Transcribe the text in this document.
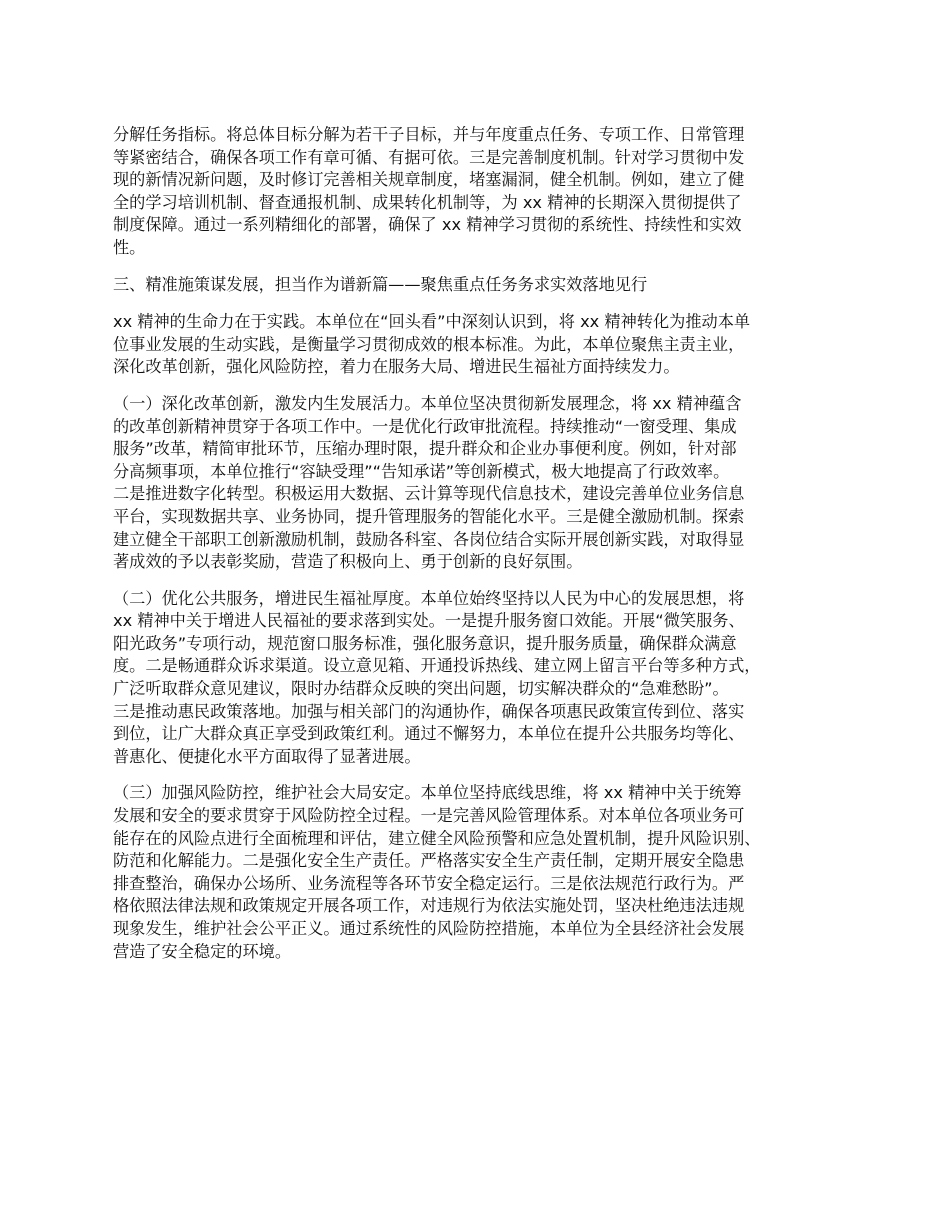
分解任务指标。将总体目标分解为若干子目标，并与年度重点任务、专项工作、日常管理
等紧密结合，确保各项工作有章可循、有据可依。三是完善制度机制。针对学习贯彻中发
现的新情况新问题，及时修订完善相关规章制度，堵塞漏洞，健全机制。例如，建立了健
全的学习培训机制、督查通报机制、成果转化机制等，为 xx 精神的长期深入贯彻提供了
制度保障。通过一系列精细化的部署，确保了 xx 精神学习贯彻的系统性、持续性和实效
性。
三、精准施策谋发展，担当作为谱新篇——聚焦重点任务务求实效落地见行
xx 精神的生命力在于实践。本单位在“回头看”中深刻认识到，将 xx 精神转化为推动本单
位事业发展的生动实践，是衡量学习贯彻成效的根本标准。为此，本单位聚焦主责主业，
深化改革创新，强化风险防控，着力在服务大局、增进民生福祉方面持续发力。
（一）深化改革创新，激发内生发展活力。本单位坚决贯彻新发展理念，将 xx 精神蕴含
的改革创新精神贯穿于各项工作中。一是优化行政审批流程。持续推动“一窗受理、集成
服务”改革，精简审批环节，压缩办理时限，提升群众和企业办事便利度。例如，针对部
分高频事项，本单位推行“容缺受理”“告知承诺”等创新模式，极大地提高了行政效率。
二是推进数字化转型。积极运用大数据、云计算等现代信息技术，建设完善单位业务信息
平台，实现数据共享、业务协同，提升管理服务的智能化水平。三是健全激励机制。探索
建立健全干部职工创新激励机制，鼓励各科室、各岗位结合实际开展创新实践，对取得显
著成效的予以表彰奖励，营造了积极向上、勇于创新的良好氛围。
（二）优化公共服务，增进民生福祉厚度。本单位始终坚持以人民为中心的发展思想，将
xx 精神中关于增进人民福祉的要求落到实处。一是提升服务窗口效能。开展“微笑服务、
阳光政务”专项行动，规范窗口服务标准，强化服务意识，提升服务质量，确保群众满意
度。二是畅通群众诉求渠道。设立意见箱、开通投诉热线、建立网上留言平台等多种方式，
广泛听取群众意见建议，限时办结群众反映的突出问题，切实解决群众的“急难愁盼”。
三是推动惠民政策落地。加强与相关部门的沟通协作，确保各项惠民政策宣传到位、落实
到位，让广大群众真正享受到政策红利。通过不懈努力，本单位在提升公共服务均等化、
普惠化、便捷化水平方面取得了显著进展。
（三）加强风险防控，维护社会大局安定。本单位坚持底线思维，将 xx 精神中关于统筹
发展和安全的要求贯穿于风险防控全过程。一是完善风险管理体系。对本单位各项业务可
能存在的风险点进行全面梳理和评估，建立健全风险预警和应急处置机制，提升风险识别、
防范和化解能力。二是强化安全生产责任。严格落实安全生产责任制，定期开展安全隐患
排查整治，确保办公场所、业务流程等各环节安全稳定运行。三是依法规范行政行为。严
格依照法律法规和政策规定开展各项工作，对违规行为依法实施处罚，坚决杜绝违法违规
现象发生，维护社会公平正义。通过系统性的风险防控措施，本单位为全县经济社会发展
营造了安全稳定的环境。
